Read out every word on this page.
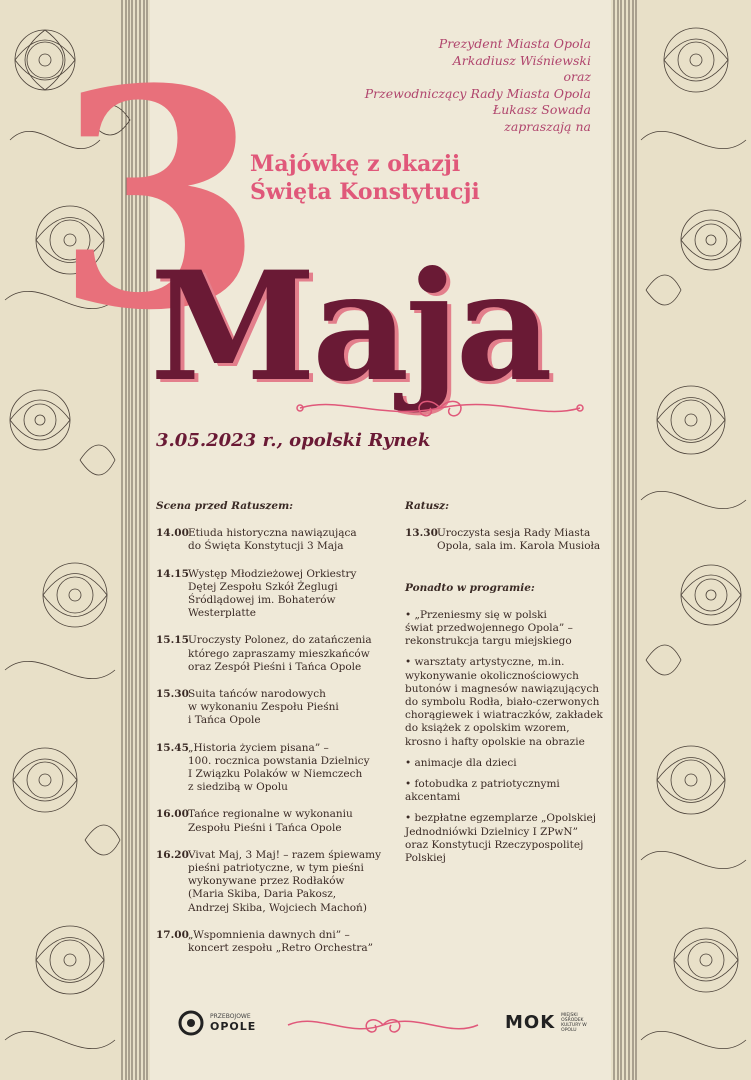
3	Prezydent Miasta Opola
Arkadiusz Wiśniewski
oraz
Przewodniczący Rady Miasta Opola
Łukasz Sowada
zapraszają na
Majówkę z okazji
Święta Konstytucji
Maja
3.05.2023 r., opolski Rynek
Scena przed Ratuszem:
14.00 Etiuda historyczna nawiązująca
do Święta Konstytucji 3 Maja
14.15 Występ Młodzieżowej Orkiestry
Dętej Zespołu Szkół Żeglugi
Śródlądowej im. Bohaterów
Westerplatte
15.15 Uroczysty Polonez, do zatańczenia
którego zapraszamy mieszkańców
oraz Zespół Pieśni i Tańca Opole
15.30 Suita tańców narodowych
w wykonaniu Zespołu Pieśni
i Tańca Opole
15.45 „Historia życiem pisana” –
100. rocznica powstania Dzielnicy
I Związku Polaków w Niemczech
z siedzibą w Opolu
16.00 Tańce regionalne w wykonaniu
Zespołu Pieśni i Tańca Opole
16.20 Vivat Maj, 3 Maj! – razem śpiewamy
pieśni patriotyczne, w tym pieśni
wykonywane przez Rodłaków
(Maria Skiba, Daria Pakosz,
Andrzej Skiba, Wojciech Machoń)
17.00 „Wspomnienia dawnych dni” –
koncert zespołu „Retro Orchestra”
Ratusz:
13.30 Uroczysta sesja Rady Miasta
Opola, sala im. Karola Musioła
Ponadto w programie:
• „Przeniesmy się w polski
świat przedwojennego Opola” –
rekonstrukcja targu miejskiego
• warsztaty artystyczne, m.in.
wykonywanie okolicznościowych
butonów i magnesów nawiązujących
do symbolu Rodła, biało-czerwonych
chorągiewek i wiatraczków, zakładek
do książek z opolskim wzorem,
krosno i hafty opolskie na obrazie
• animacje dla dzieci
• fotobudka z patriotycznymi
akcentami
• bezpłatne egzemplarze „Opolskiej
Jednodniówki Dzielnicy I ZPwN”
oraz Konstytucji Rzeczypospolitej
Polskiej
PRZEBOJOWE
OPOLE	MOK MIEJSKI OŚRODEK KULTURY W OPOLU
